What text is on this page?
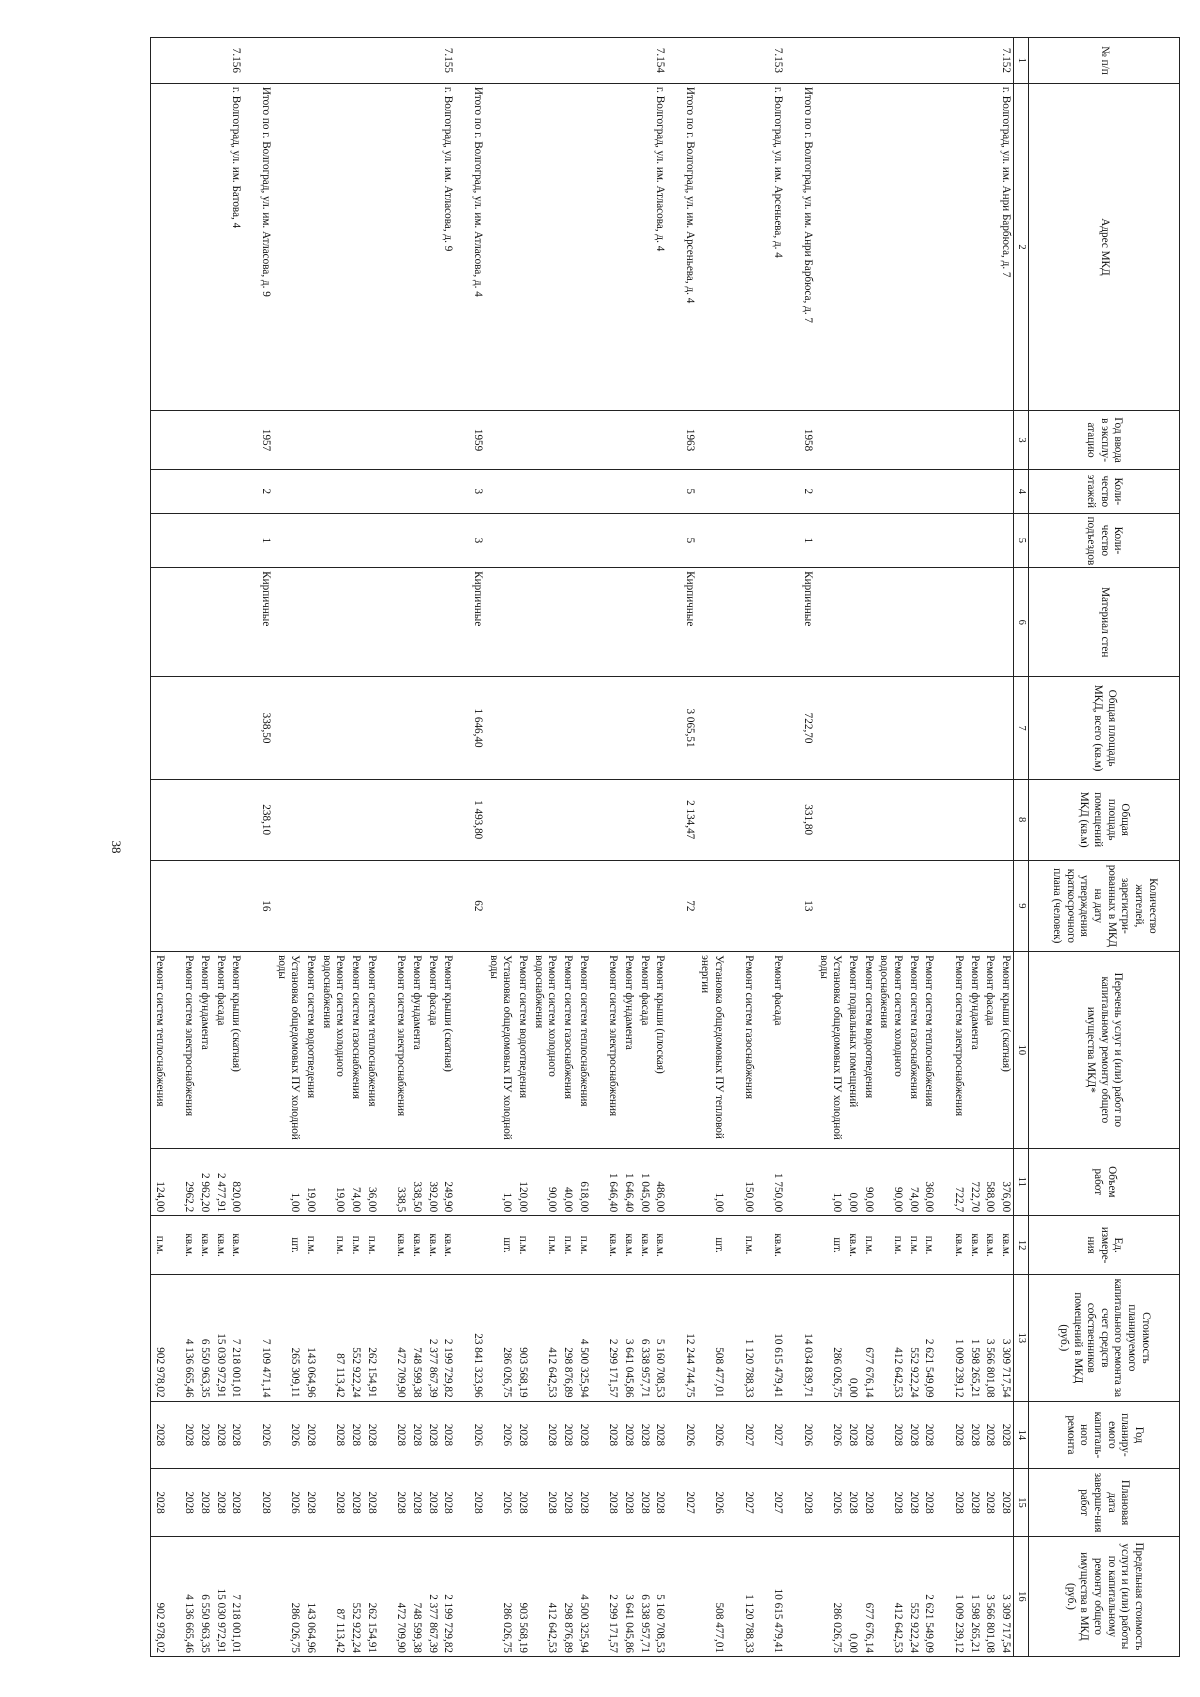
№ п/п	Адрес МКД	Год ввода в эксплу-атацию	Коли-чество этажей	Коли-чество подъездов	Материал стен	Общая площадь МКД, всего (кв.м)	Общая площадь помещений МКД (кв.м)	Количество жителей, зарегистри-рованных в МКД на дату утверждения краткосрочного плана (человек)	Перечень услуг и (или) работ по капитальному ремонту общего имущества МКД*	Объем работ	Ед. измере-ния	Стоимость планируемого капитального ремонта за счет средств собственников помещений в МКД (руб.)	Год планиру-емого капиталь-ного ремонта	Плановая дата заверше-ния работ	Предельная стоимость услуги и (или) работы по капитальному ремонту общего имущества в МКД (руб.)
1	2	3	4	5	6	7	8	9	10	11	12	13	14	15	16
7.152	г. Волгоград, ул. им. Анри Барбюса, д. 7								Ремонт крыши (скатная)	376,00	кв.м.	3 309 717,54	2028	2028	3 309 717,54
									Ремонт фасада	588,00	кв.м.	3 566 801,08	2028	2028	3 566 801,08
									Ремонт фундамента	722,70	кв.м.	1 598 265,21	2028	2028	1 598 265,21
									Ремонт систем электроснабжения	722,7	кв.м.	1 009 239,12	2028	2028	1 009 239,12

									Ремонт систем теплоснабжения	360,00	п.м.	2 621 549,09	2028	2028	2 621 549,09
									Ремонт систем газоснабжения	74,00	п.м.	552 922,24	2028	2028	552 922,24
									Ремонт систем холодного водоснабжения	90,00	п.м.	412 642,53	2028	2028	412 642,53
									Ремонт систем водоотведения	90,00	п.м.	677 676,14	2028	2028	677 676,14
									Ремонт подвальных помещений	0,00	кв.м.	0,00	2028	2028	0,00
									Установка общедомовых ПУ холодной воды	1,00	шт.	286 026,75	2026	2026	286 026,75
	Итого по г. Волгоград, ул. им. Анри Барбюса, д. 7	1958	2	1	Кирпичные	722,70	331,80	13				14 034 839,71	2026	2028	

7.153	г. Волгоград, ул. им. Арсеньева, д. 4								Ремонт фасада	1 750,00	кв.м.	10 615 479,41	2027	2027	10 615 479,41

									Ремонт систем газоснабжения	150,00	п.м.	1 120 788,33	2027	2027	1 120 788,33

									Установка общедомовых ПУ тепловой энергии	1,00	шт.	508 477,01	2026	2026	508 477,01
	Итого по г. Волгоград, ул. им. Арсеньева, д. 4	1963	5	5	Кирпичные	3 065,51	2 134,47	72				12 244 744,75	2026	2027	

7.154	г. Волгоград, ул. им. Атласова, д. 4								Ремонт крыши (плоская)	486,00	кв.м.	5 160 708,53	2028	2028	5 160 708,53
									Ремонт фасада	1 045,00	кв.м.	6 338 957,71	2028	2028	6 338 957,71
									Ремонт фундамента	1 646,40	кв.м.	3 641 045,86	2028	2028	3 641 045,86
									Ремонт систем электроснабжения	1 646,40	кв.м.	2 299 171,57	2028	2028	2 299 171,57

									Ремонт систем теплоснабжения	618,00	п.м.	4 500 325,94	2028	2028	4 500 325,94
									Ремонт систем газоснабжения	40,00	п.м.	298 876,89	2028	2028	298 876,89
									Ремонт систем холодного водоснабжения	90,00	п.м.	412 642,53	2028	2028	412 642,53
									Ремонт систем водоотведения	120,00	п.м.	903 568,19	2028	2028	903 568,19
									Установка общедомовых ПУ холодной воды	1,00	шт.	286 026,75	2026	2026	286 026,75
	Итого по г. Волгоград, ул. им. Атласова, д. 4	1959	3	3	Кирпичные	1 646,40	1 493,80	62				23 841 323,96	2026	2028	

7.155	г. Волгоград, ул. им. Атласова, д. 9								Ремонт крыши (скатная)	249,90	кв.м.	2 199 729,82	2028	2028	2 199 729,82
									Ремонт фасада	392,00	кв.м.	2 377 867,39	2028	2028	2 377 867,39
									Ремонт фундамента	338,50	кв.м.	748 599,38	2028	2028	748 599,38
									Ремонт систем электроснабжения	338,5	кв.м.	472 709,90	2028	2028	472 709,90

									Ремонт систем теплоснабжения	36,00	п.м.	262 154,91	2028	2028	262 154,91
									Ремонт систем газоснабжения	74,00	п.м.	552 922,24	2028	2028	552 922,24
									Ремонт систем холодного водоснабжения	19,00	п.м.	87 113,42	2028	2028	87 113,42
									Ремонт систем водоотведения	19,00	п.м.	143 064,96	2028	2028	143 064,96
									Установка общедомовых ПУ холодной воды	1,00	шт.	265 309,11	2026	2026	286 026,75
	Итого по г. Волгоград, ул. им. Атласова, д. 9	1957	2	1	Кирпичные	338,50	238,10	16				7 109 471,14	2026	2028	

7.156	г. Волгоград, ул. им. Батова, 4								Ремонт крыши (скатная)	820,00	кв.м.	7 218 001,01	2028	2028	7 218 001,01
									Ремонт фасада	2 477,91	кв.м.	15 030 972,91	2028	2028	15 030 972,91
									Ремонт фундамента	2 962,20	кв.м.	6 550 963,35	2028	2028	6 550 963,35
									Ремонт систем электроснабжения	2962,2	кв.м.	4 136 665,46	2028	2028	4 136 665,46

									Ремонт систем теплоснабжения	124,00	п.м.	902 978,02	2028	2028	902 978,02
38
